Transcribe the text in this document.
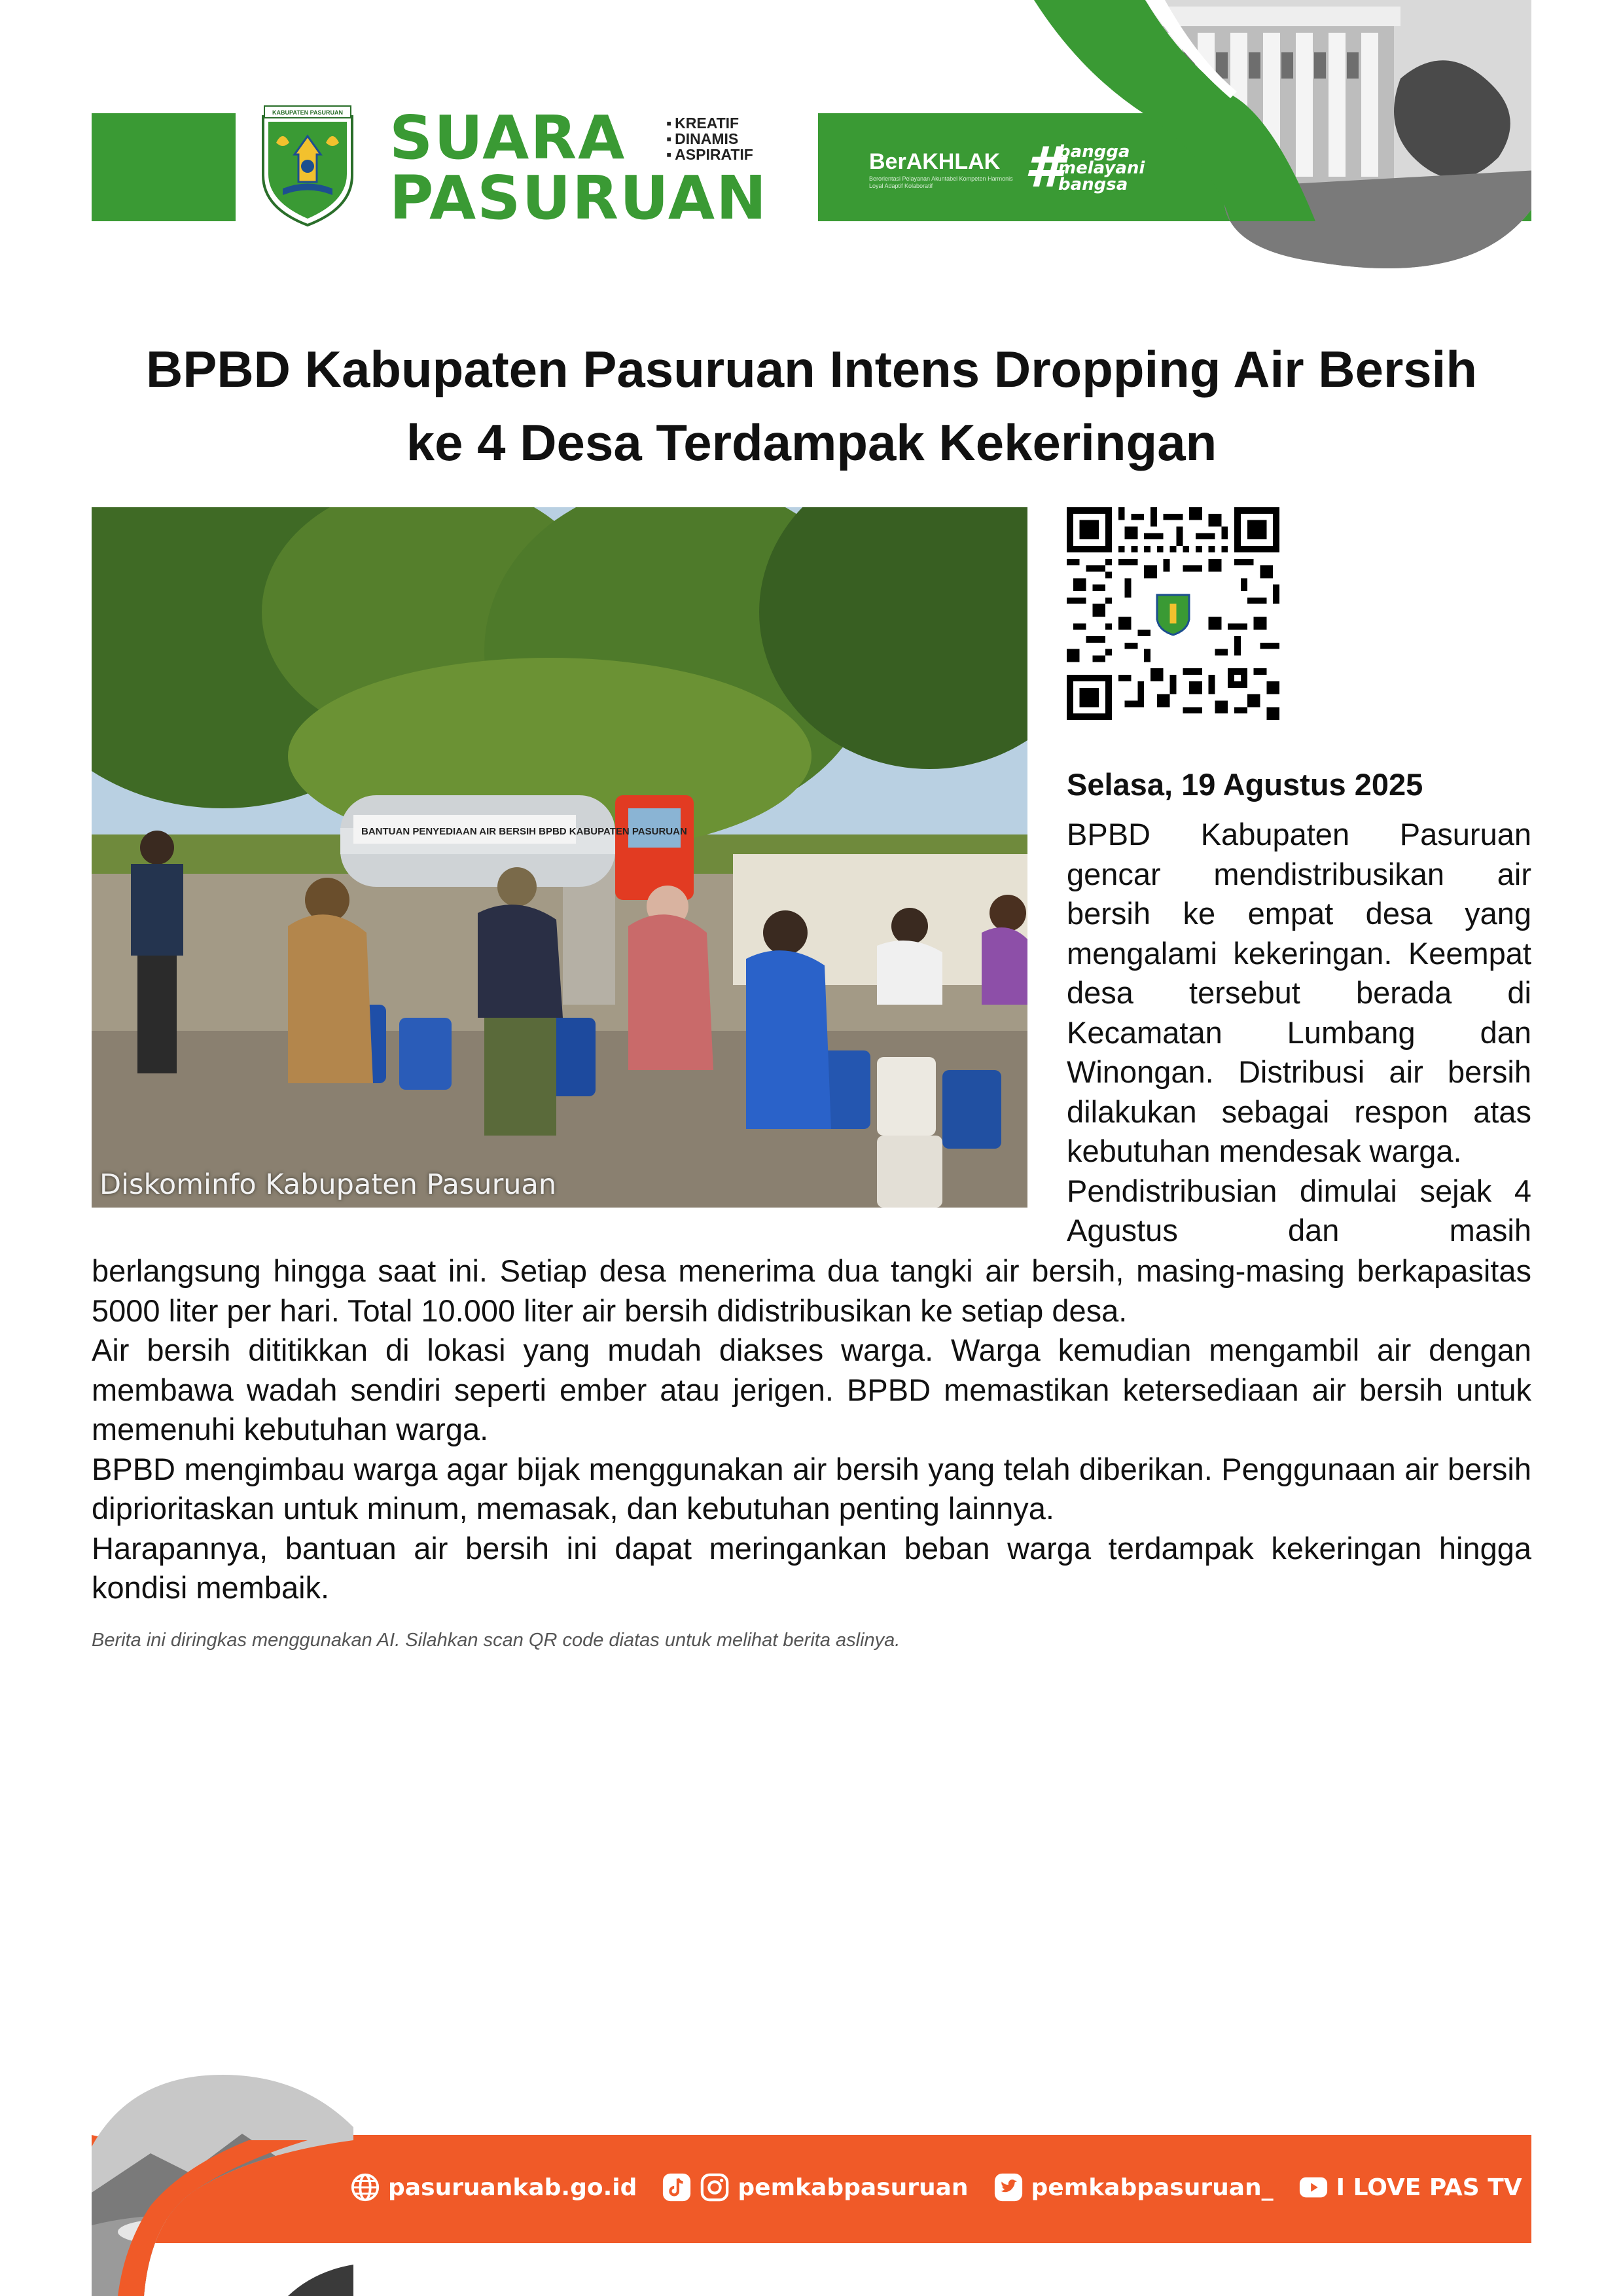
KABUPATEN PASURUAN SUARA
PASURUAN
▪ KREATIF
▪ DINAMIS
▪ ASPIRATIF	BerAKHLAK
Berorientasi Pelayanan Akuntabel Kompeten Harmonis Loyal Adaptif Kolaboratif	#
bangga
melayani
bangsa
BPBD Kabupaten Pasuruan Intens Dropping Air Bersih
ke 4 Desa Terdampak Kekeringan
BANTUAN PENYEDIAAN AIR BERSIH BPBD KABUPATEN PASURUAN
Diskominfo Kabupaten Pasuruan
Selasa, 19 Agustus 2025

BPBD Kabupaten Pasuruan gencar mendistribusikan air bersih ke empat desa yang mengalami kekeringan. Keempat desa tersebut berada di Kecamatan Lumbang dan Winongan. Distribusi air bersih dilakukan sebagai respon atas kebutuhan mendesak warga.

Pendistribusian dimulai sejak 4 Agustus dan masih

berlangsung hingga saat ini. Setiap desa menerima dua tangki air bersih, masing-masing berkapasitas 5000 liter per hari. Total 10.000 liter air bersih didistribusikan ke setiap desa.

Air bersih dititikkan di lokasi yang mudah diakses warga. Warga kemudian mengambil air dengan membawa wadah sendiri seperti ember atau jerigen. BPBD memastikan ketersediaan air bersih untuk memenuhi kebutuhan warga.

BPBD mengimbau warga agar bijak menggunakan air bersih yang telah diberikan. Penggunaan air bersih diprioritaskan untuk minum, memasak, dan kebutuhan penting lainnya.

Harapannya, bantuan air bersih ini dapat meringankan beban warga terdampak kekeringan hingga kondisi membaik.

Berita ini diringkas menggunakan AI. Silahkan scan QR code diatas untuk melihat berita aslinya.
pasuruankab.go.id	pemkabpasuruan	pemkabpasuruan_	I LOVE PAS TV
